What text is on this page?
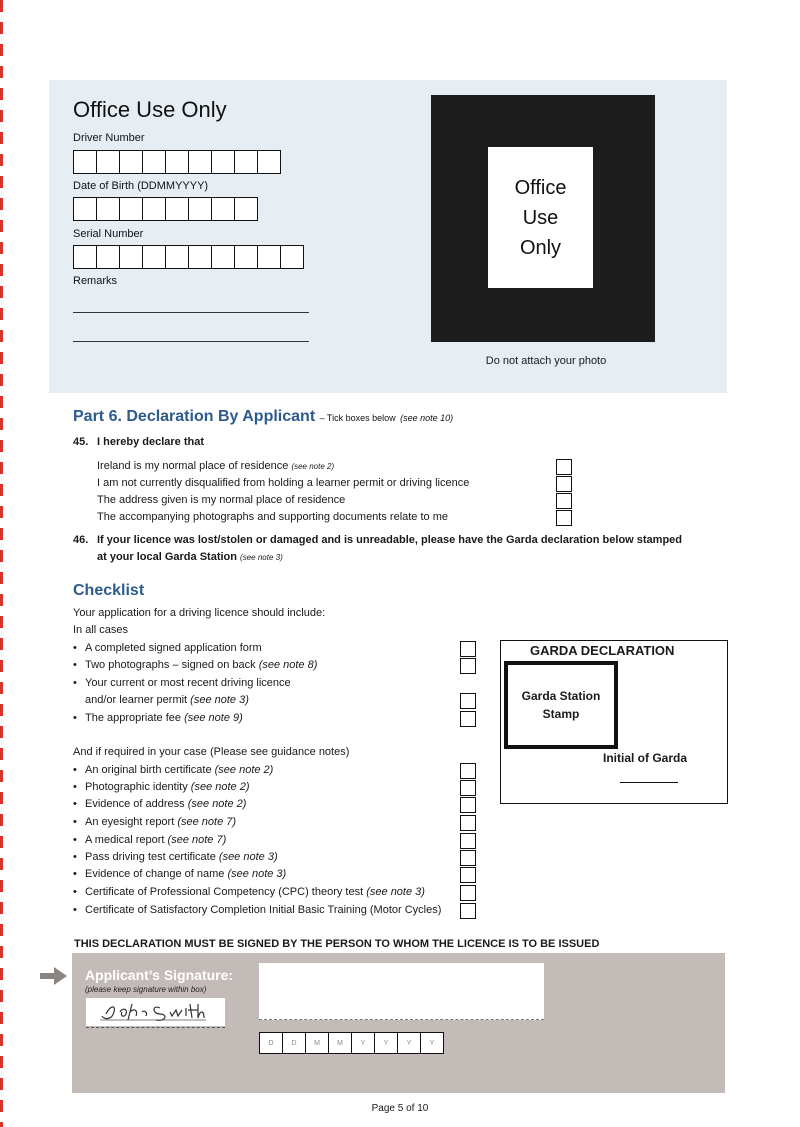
Office Use Only
Driver Number
Date of Birth (DDMMYYYY)
Serial Number
Remarks
Office
Use
Only
Do not attach your photo
Part 6. Declaration By Applicant – Tick boxes below (see note 10)
45. I hereby declare that
Ireland is my normal place of residence (see note 2)
I am not currently disqualified from holding a learner permit or driving licence
The address given is my normal place of residence
The accompanying photographs and supporting documents relate to me
46. If your licence was lost/stolen or damaged and is unreadable, please have the Garda declaration below stamped
at your local Garda Station (see note 3)
Checklist
Your application for a driving licence should include:
In all cases
• A completed signed application form
• Two photographs – signed on back (see note 8)
• Your current or most recent driving licence
and/or learner permit (see note 3)
• The appropriate fee (see note 9)
And if required in your case (Please see guidance notes)
• An original birth certificate (see note 2)
• Photographic identity (see note 2)
• Evidence of address (see note 2)
• An eyesight report (see note 7)
• A medical report (see note 7)
• Pass driving test certificate (see note 3)
• Evidence of change of name (see note 3)
• Certificate of Professional Competency (CPC) theory test (see note 3)
• Certificate of Satisfactory Completion Initial Basic Training (Motor Cycles)
GARDA DECLARATION
Garda Station
Stamp
Initial of Garda
THIS DECLARATION MUST BE SIGNED BY THE PERSON TO WHOM THE LICENCE IS TO BE ISSUED
Applicant’s Signature:
(please keep signature within box)
D	D	M	M	Y	Y	Y	Y
Page 5 of 10
